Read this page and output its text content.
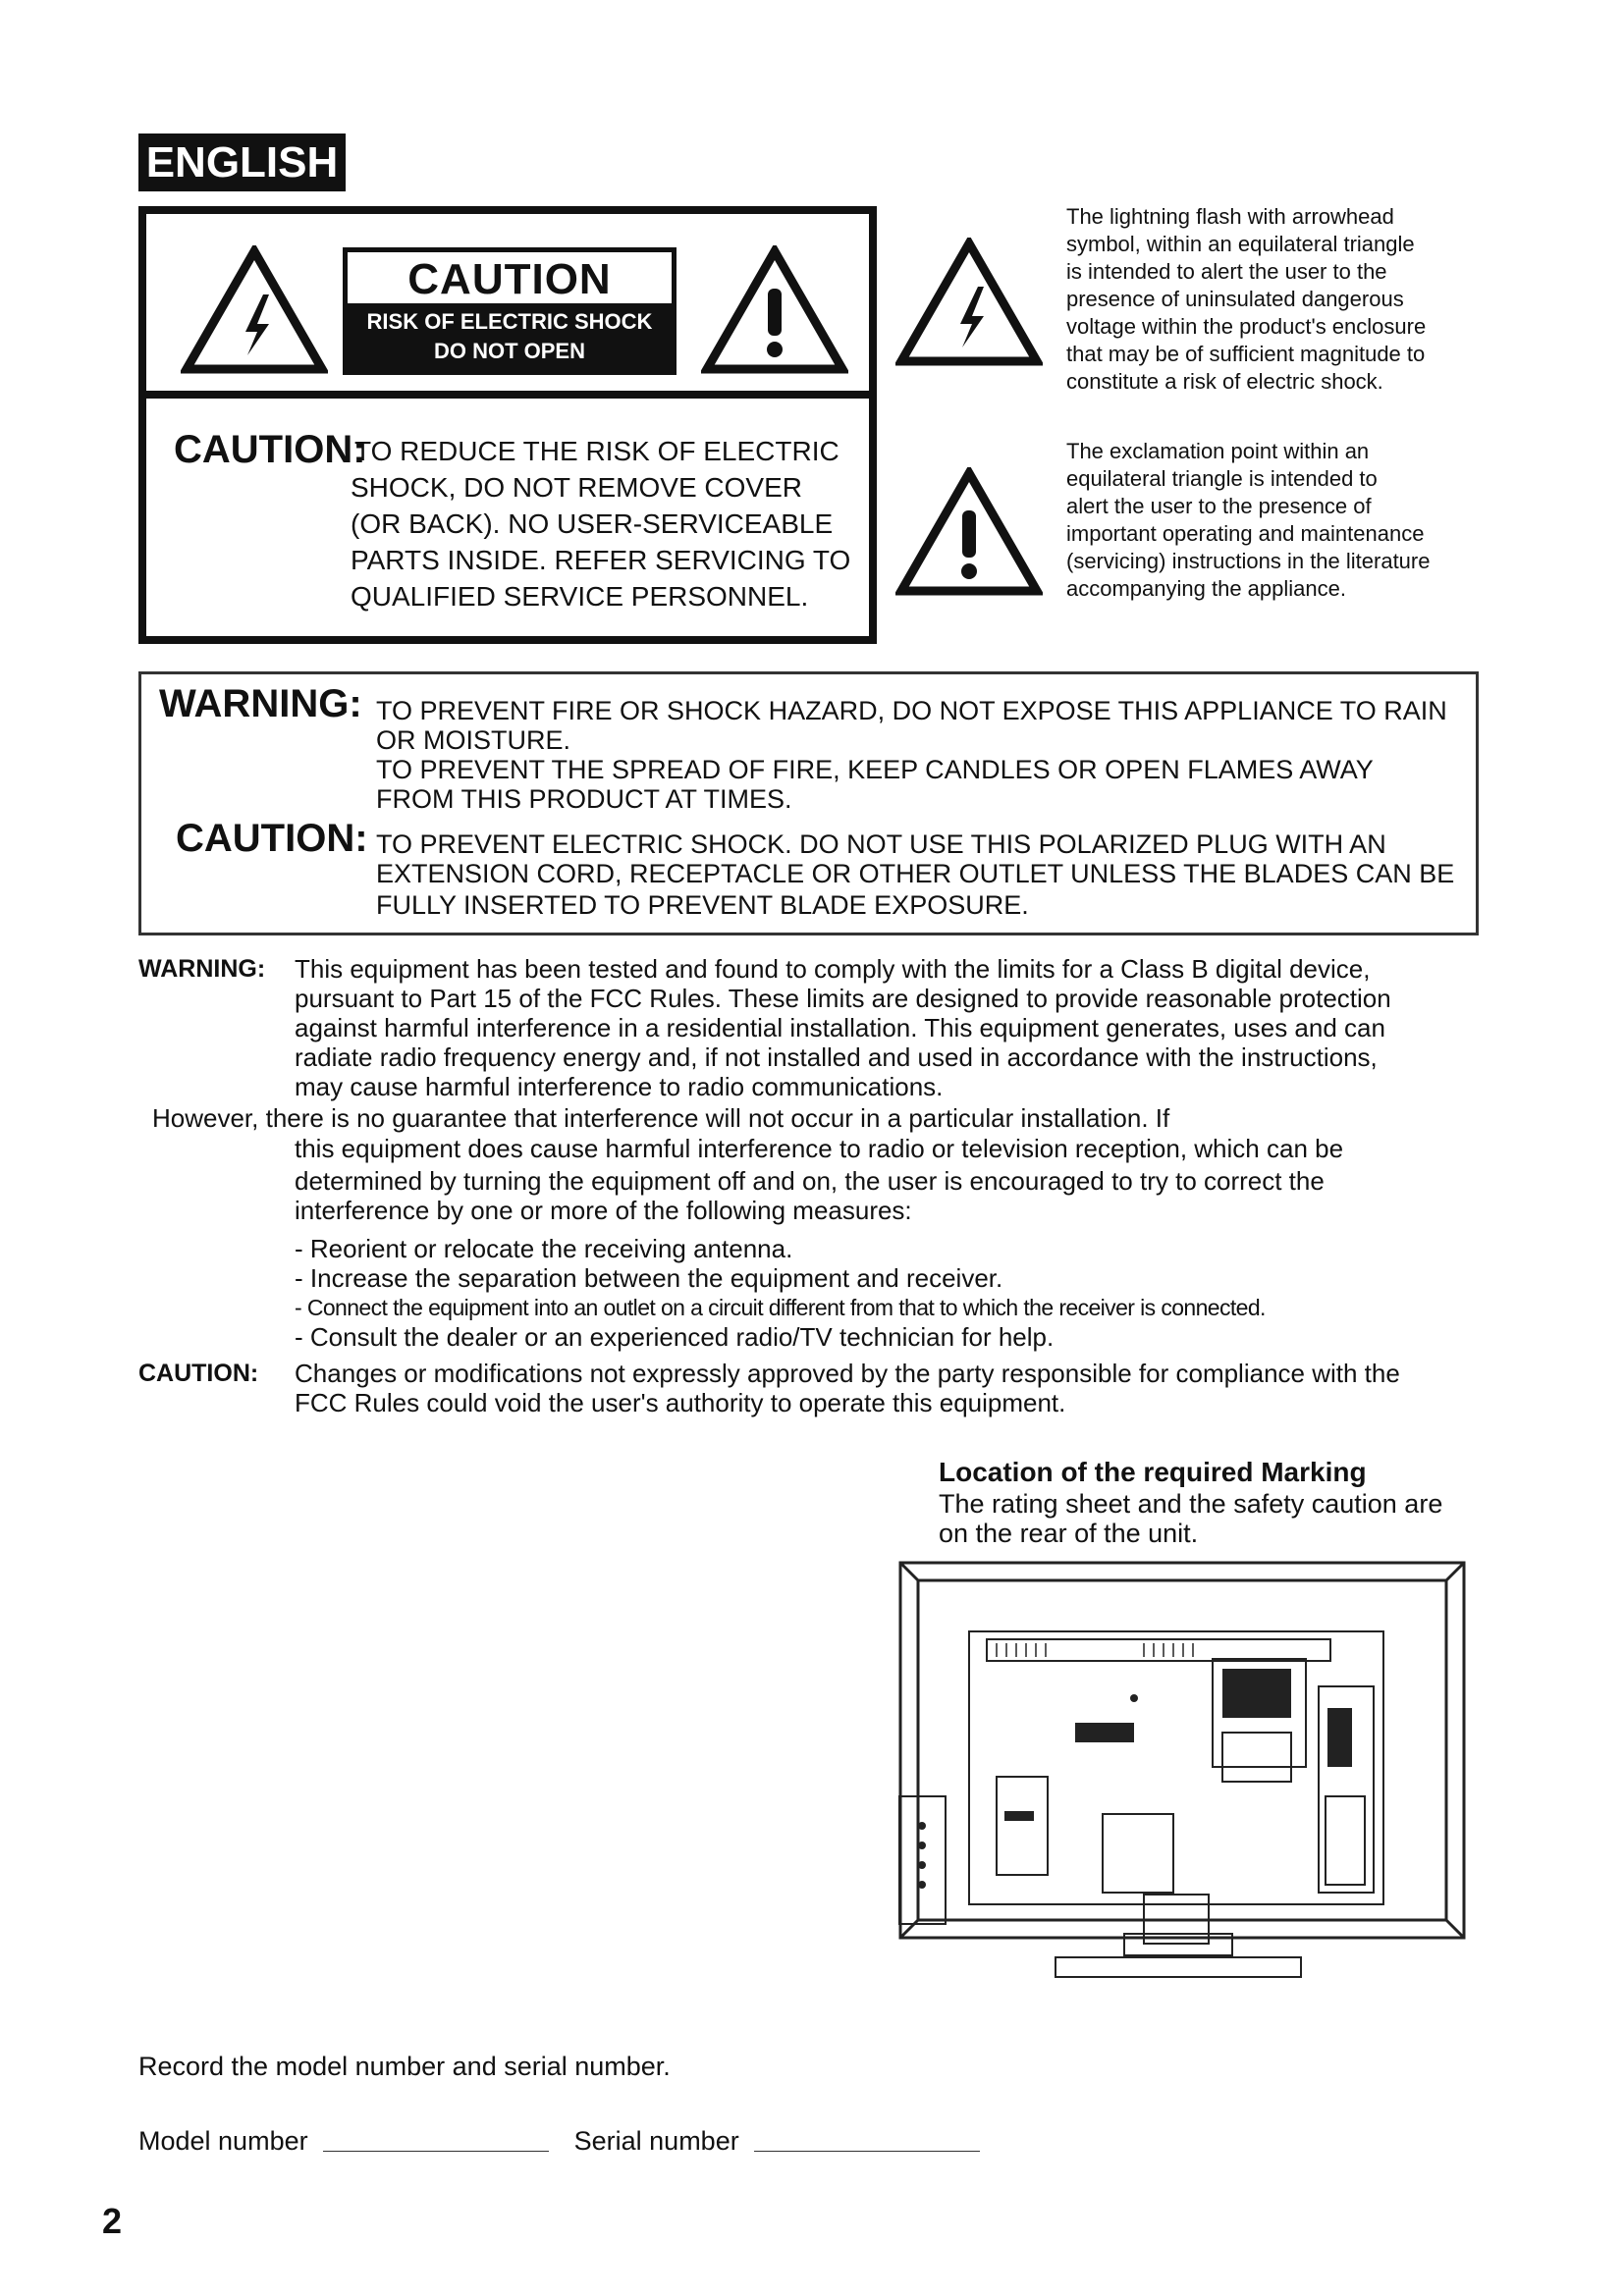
ENGLISH
CAUTION
RISK OF ELECTRIC SHOCK
DO NOT OPEN
CAUTION:
TO REDUCE THE RISK OF ELECTRIC
SHOCK, DO NOT REMOVE COVER
(OR BACK). NO USER-SERVICEABLE
PARTS INSIDE. REFER SERVICING TO
QUALIFIED SERVICE PERSONNEL.
The lightning flash with arrowhead
symbol, within an equilateral triangle
is intended to alert the user to the
presence of uninsulated dangerous
voltage within the product's enclosure
that may be of sufficient magnitude to
constitute a risk of electric shock.
The exclamation point within an
equilateral triangle is intended to
alert the user to the presence of
important operating and maintenance
(servicing) instructions in the literature
accompanying the appliance.
WARNING: TO PREVENT FIRE OR SHOCK HAZARD, DO NOT EXPOSE THIS APPLIANCE TO RAIN
OR MOISTURE.
TO PREVENT THE SPREAD OF FIRE, KEEP CANDLES OR OPEN FLAMES AWAY
FROM THIS PRODUCT AT TIMES.
CAUTION: TO PREVENT ELECTRIC SHOCK. DO NOT USE THIS POLARIZED PLUG WITH AN
EXTENSION CORD, RECEPTACLE OR OTHER OUTLET UNLESS THE BLADES CAN BE
FULLY INSERTED TO PREVENT BLADE EXPOSURE.
WARNING: This equipment has been tested and found to comply with the limits for a Class B digital device,
pursuant to Part 15 of the FCC Rules. These limits are designed to provide reasonable protection
against harmful interference in a residential installation. This equipment generates, uses and can
radiate radio frequency energy and, if not installed and used in accordance with the instructions,
may cause harmful interference to radio communications.
However, there is no guarantee that interference will not occur in a particular installation. If
this equipment does cause harmful interference to radio or television reception, which can be
determined by turning the equipment off and on, the user is encouraged to try to correct the
interference by one or more of the following measures:
- Reorient or relocate the receiving antenna.
- Increase the separation between the equipment and receiver.
- Connect the equipment into an outlet on a circuit different from that to which the receiver is connected.
- Consult the dealer or an experienced radio/TV technician for help.
CAUTION: Changes or modifications not expressly approved by the party responsible for compliance with the
FCC Rules could void the user's authority to operate this equipment.
Location of the required Marking
The rating sheet and the safety caution are
on the rear of the unit.
Record the model number and serial number.
Model number	Serial number
2
